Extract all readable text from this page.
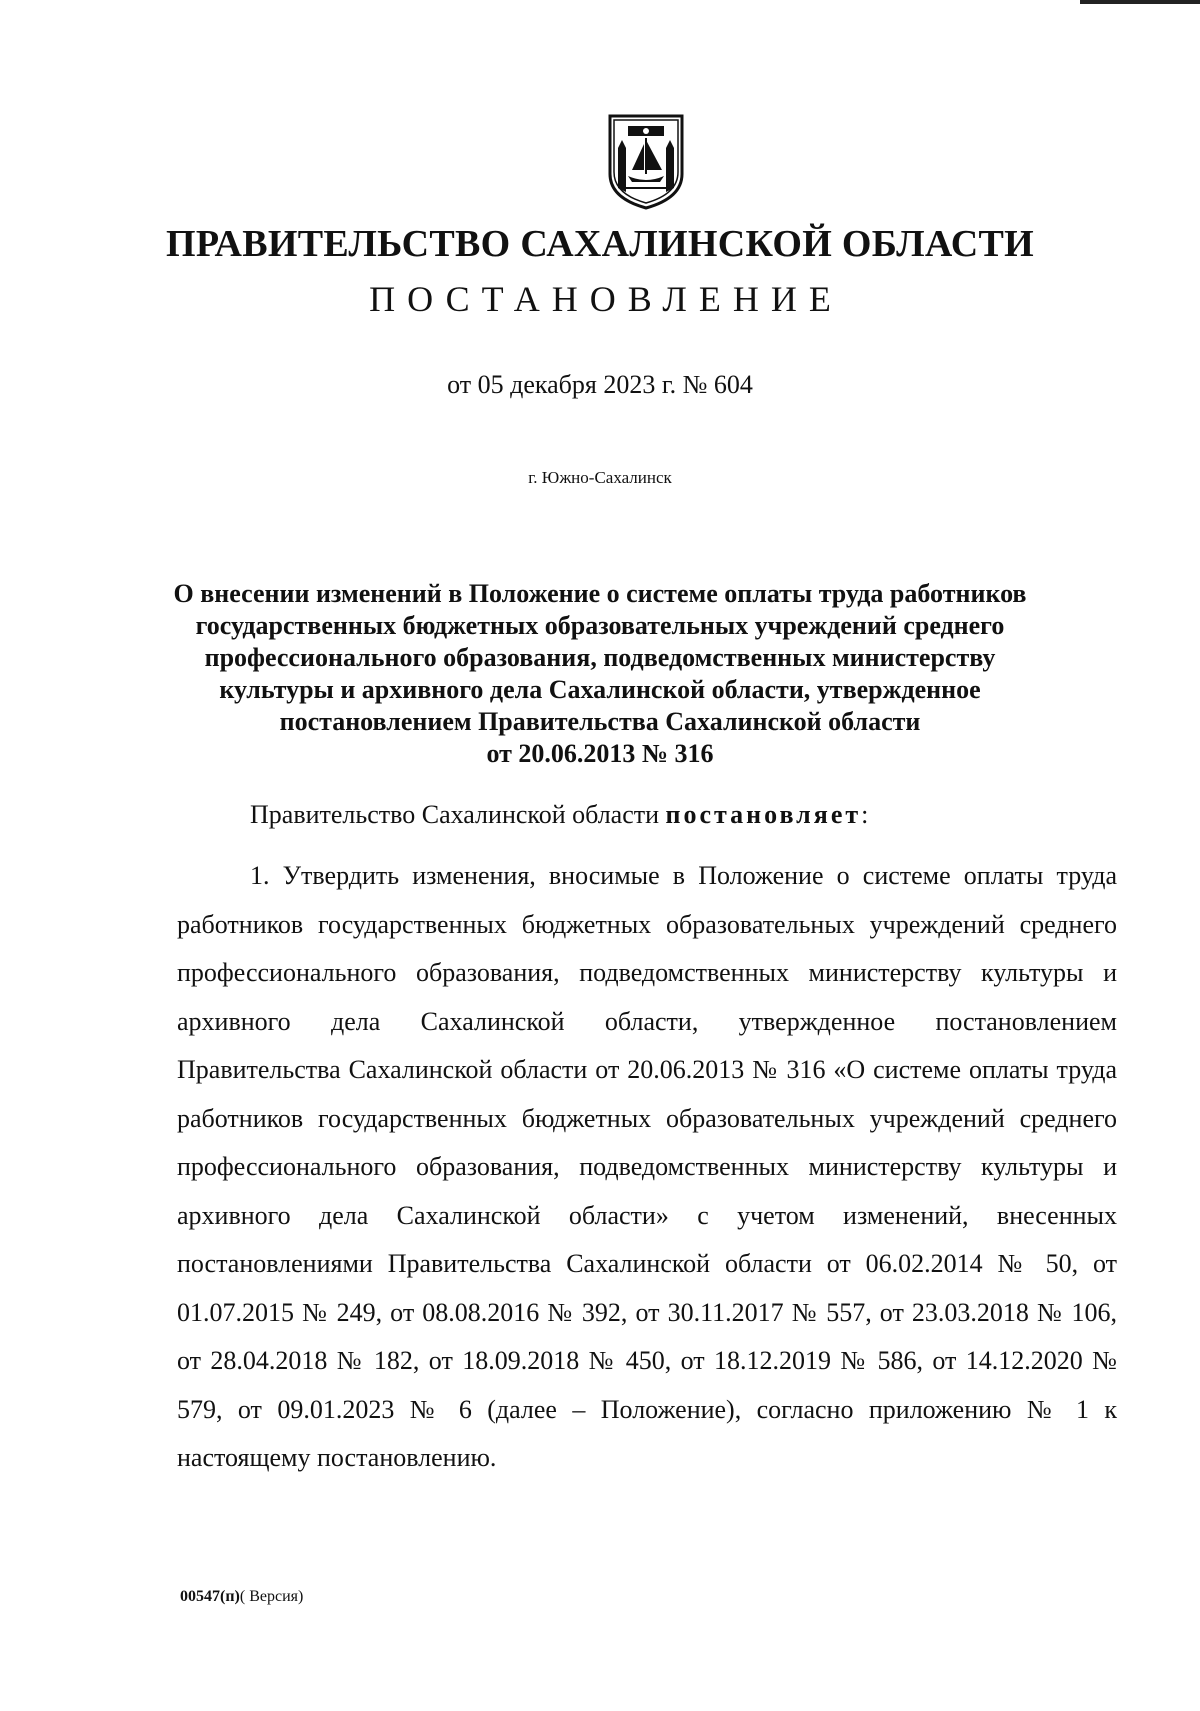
ПРАВИТЕЛЬСТВО САХАЛИНСКОЙ ОБЛАСТИ
ПОСТАНОВЛЕНИЕ
от 05 декабря 2023 г. № 604
г. Южно-Сахалинск
О внесении изменений в Положение о системе оплаты труда работников
государственных бюджетных образовательных учреждений среднего
профессионального образования, подведомственных министерству
культуры и архивного дела Сахалинской области, утвержденное
постановлением Правительства Сахалинской области
от 20.06.2013 № 316
Правительство Сахалинской области постановляет:

1. Утвердить изменения, вносимые в Положение о системе оплаты труда работников государственных бюджетных образовательных учреждений среднего профессионального образования, подведомственных министерству культуры и архивного дела Сахалинской области, утвержденное постановлением Правительства Сахалинской области от 20.06.2013 № 316 «О системе оплаты труда работников государственных бюджетных образовательных учреждений среднего профессионального образования, подведомственных министерству культуры и архивного дела Сахалинской области» с учетом изменений, внесенных постановлениями Правительства Сахалинской области от 06.02.2014 № 50, от 01.07.2015 № 249, от 08.08.2016 № 392, от 30.11.2017 № 557, от 23.03.2018 № 106, от 28.04.2018 № 182, от 18.09.2018 № 450, от 18.12.2019 № 586, от 14.12.2020 № 579, от 09.01.2023 № 6 (далее – Положение), согласно приложению № 1 к настоящему постановлению.

00547(п)( Версия)
